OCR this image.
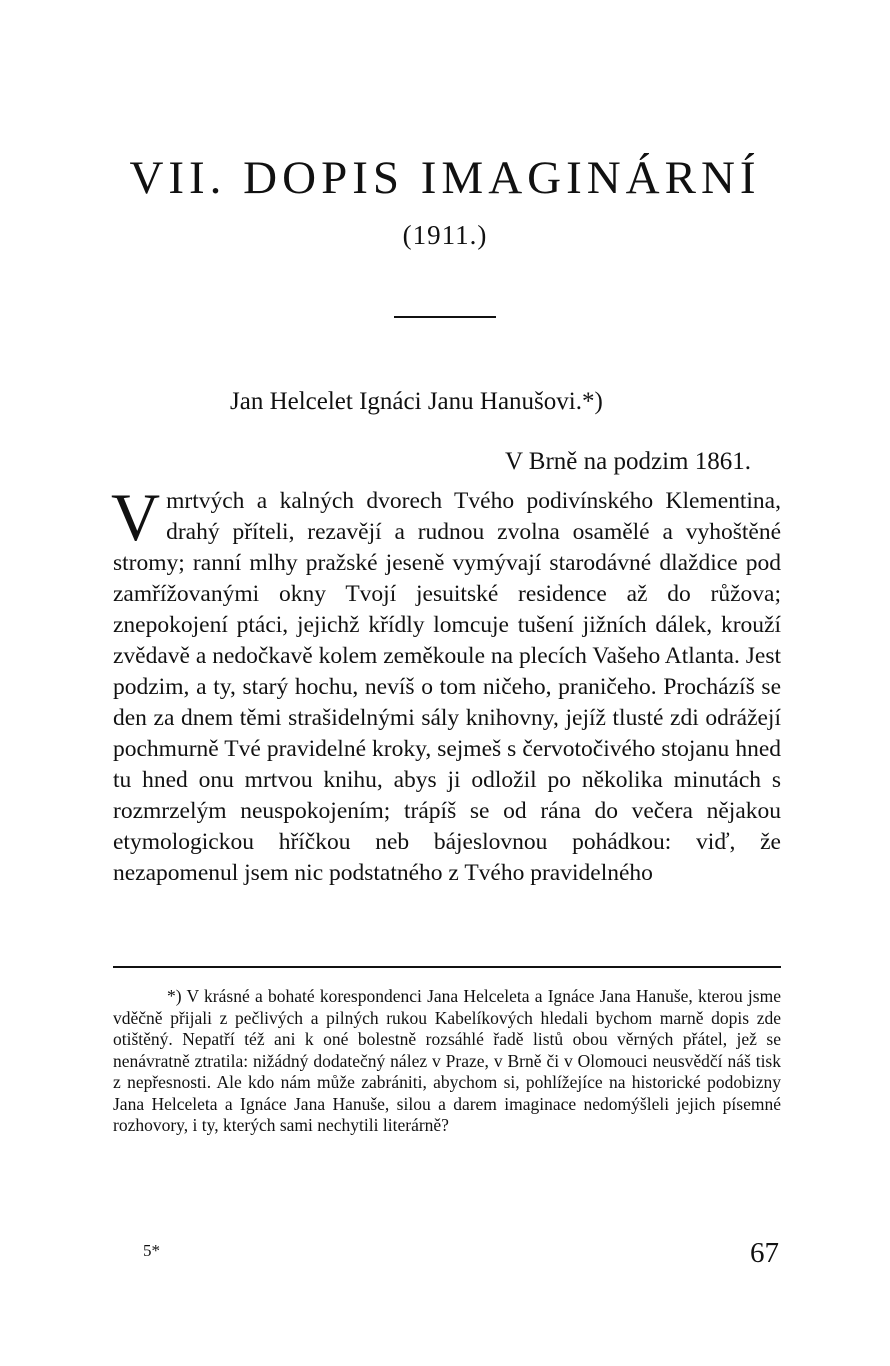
VII. DOPIS IMAGINÁRNÍ
(1911.)
Jan Helcelet Ignáci Janu Hanušovi.*)
V Brně na podzim 1861.

Vmrtvých a kalných dvorech Tvého podivínského Klementina, drahý příteli, rezavějí a rudnou zvolna osamělé a vyhoštěné stromy; ranní mlhy pražské jeseně vymývají starodávné dlaždice pod zamřížovanými okny Tvojí jesuitské residence až do růžova; znepokojení ptáci, jejichž křídly lomcuje tušení jižních dálek, krouží zvědavě a nedočkavě kolem zeměkoule na plecích Vašeho Atlanta. Jest podzim, a ty, starý hochu, nevíš o tom ničeho, praničeho. Procházíš se den za dnem těmi strašidelnými sály knihovny, jejíž tlusté zdi odrážejí pochmurně Tvé pravidelné kroky, sejmeš s červotočivého stojanu hned tu hned onu mrtvou knihu, abys ji odložil po několika minutách s rozmrzelým neuspokojením; trápíš se od rána do večera nějakou etymologickou hříčkou neb bájeslovnou pohádkou: viď, že nezapomenul jsem nic podstatného z Tvého pravidelného

*) V krásné a bohaté korespondenci Jana Helceleta a Ignáce Jana Hanuše, kterou jsme vděčně přijali z pečlivých a pilných rukou Kabelíkových hledali bychom marně dopis zde otištěný. Nepatří též ani k oné bolestně rozsáhlé řadě listů obou věrných přátel, jež se nenávratně ztratila: nižádný dodatečný nález v Praze, v Brně či v Olomouci neusvědčí náš tisk z nepřesnosti. Ale kdo nám může zabrániti, abychom si, pohlížejíce na historické podobizny Jana Helceleta a Ignáce Jana Hanuše, silou a darem imaginace nedomýšleli jejich písemné rozhovory, i ty, kterých sami nechytili literárně?
5*	67
